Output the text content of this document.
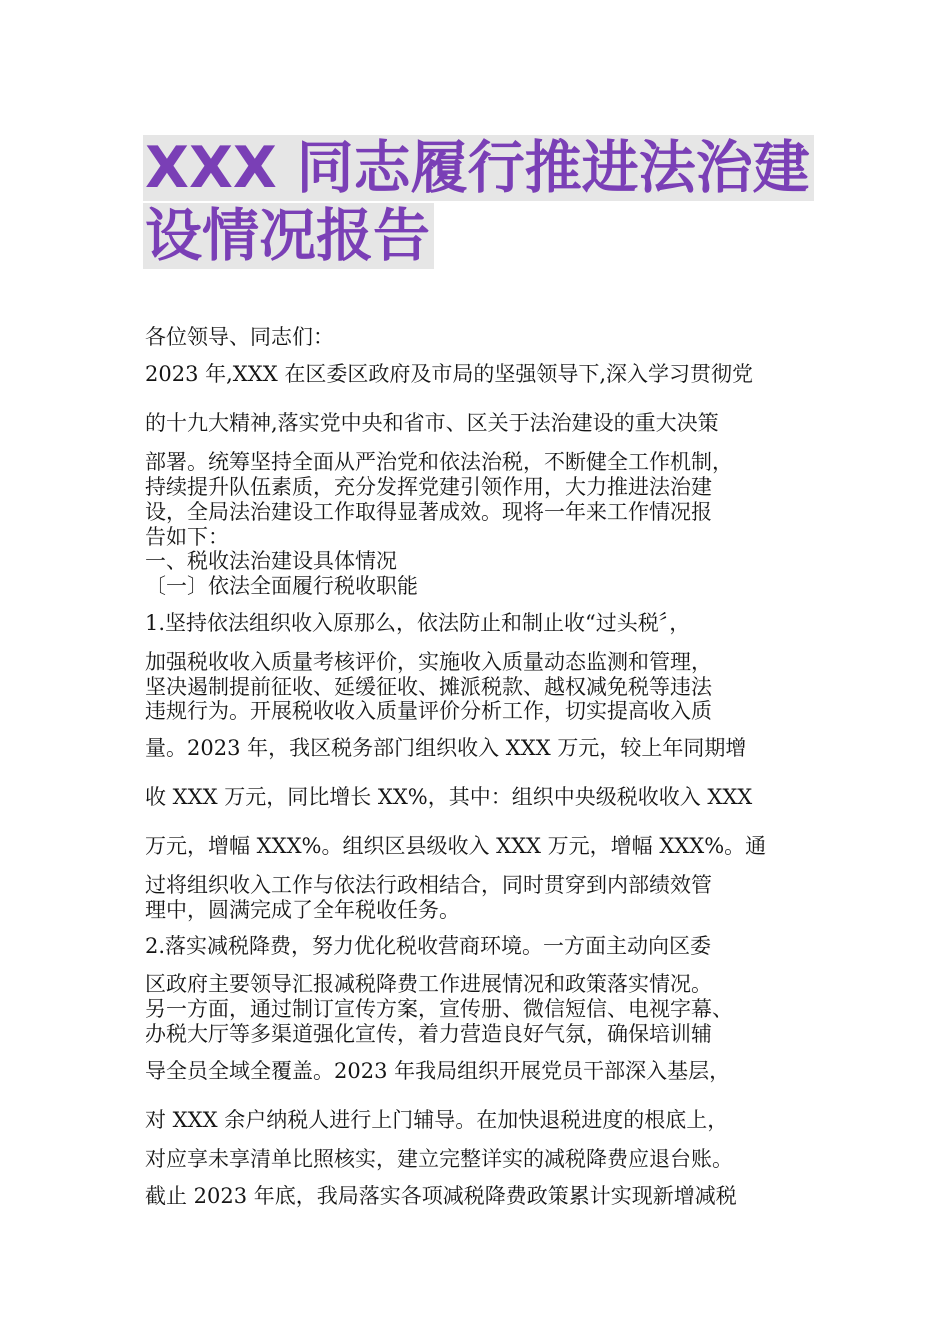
XXX 同志履行推进法治建
设情况报告
各位领导、同志们：
2023 年,XXX 在区委区政府及市局的坚强领导下,深入学习贯彻党
的十九大精神,落实党中央和省市、区关于法治建设的重大决策
部署。统筹坚持全面从严治党和依法治税，不断健全工作机制，
持续提升队伍素质，充分发挥党建引领作用，大力推进法治建
设，全局法治建设工作取得显著成效。现将一年来工作情况报
告如下：
一、税收法治建设具体情况
〔一〕依法全面履行税收职能
1.坚持依法组织收入原那么，依法防止和制止收“过头税〞，
加强税收收入质量考核评价，实施收入质量动态监测和管理，
坚决遏制提前征收、延缓征收、摊派税款、越权减免税等违法
违规行为。开展税收收入质量评价分析工作，切实提高收入质
量。2023 年，我区税务部门组织收入 XXX 万元，较上年同期增
收 XXX 万元，同比增长 XX%，其中：组织中央级税收收入 XXX
万元，增幅 XXX%。组织区县级收入 XXX 万元，增幅 XXX%。通
过将组织收入工作与依法行政相结合，同时贯穿到内部绩效管
理中，圆满完成了全年税收任务。
2.落实减税降费，努力优化税收营商环境。一方面主动向区委
区政府主要领导汇报减税降费工作进展情况和政策落实情况。
另一方面，通过制订宣传方案，宣传册、微信短信、电视字幕、
办税大厅等多渠道强化宣传，着力营造良好气氛，确保培训辅
导全员全域全覆盖。2023 年我局组织开展党员干部深入基层，
对 XXX 余户纳税人进行上门辅导。在加快退税进度的根底上，
对应享未享清单比照核实，建立完整详实的减税降费应退台账。
截止 2023 年底，我局落实各项减税降费政策累计实现新增减税
